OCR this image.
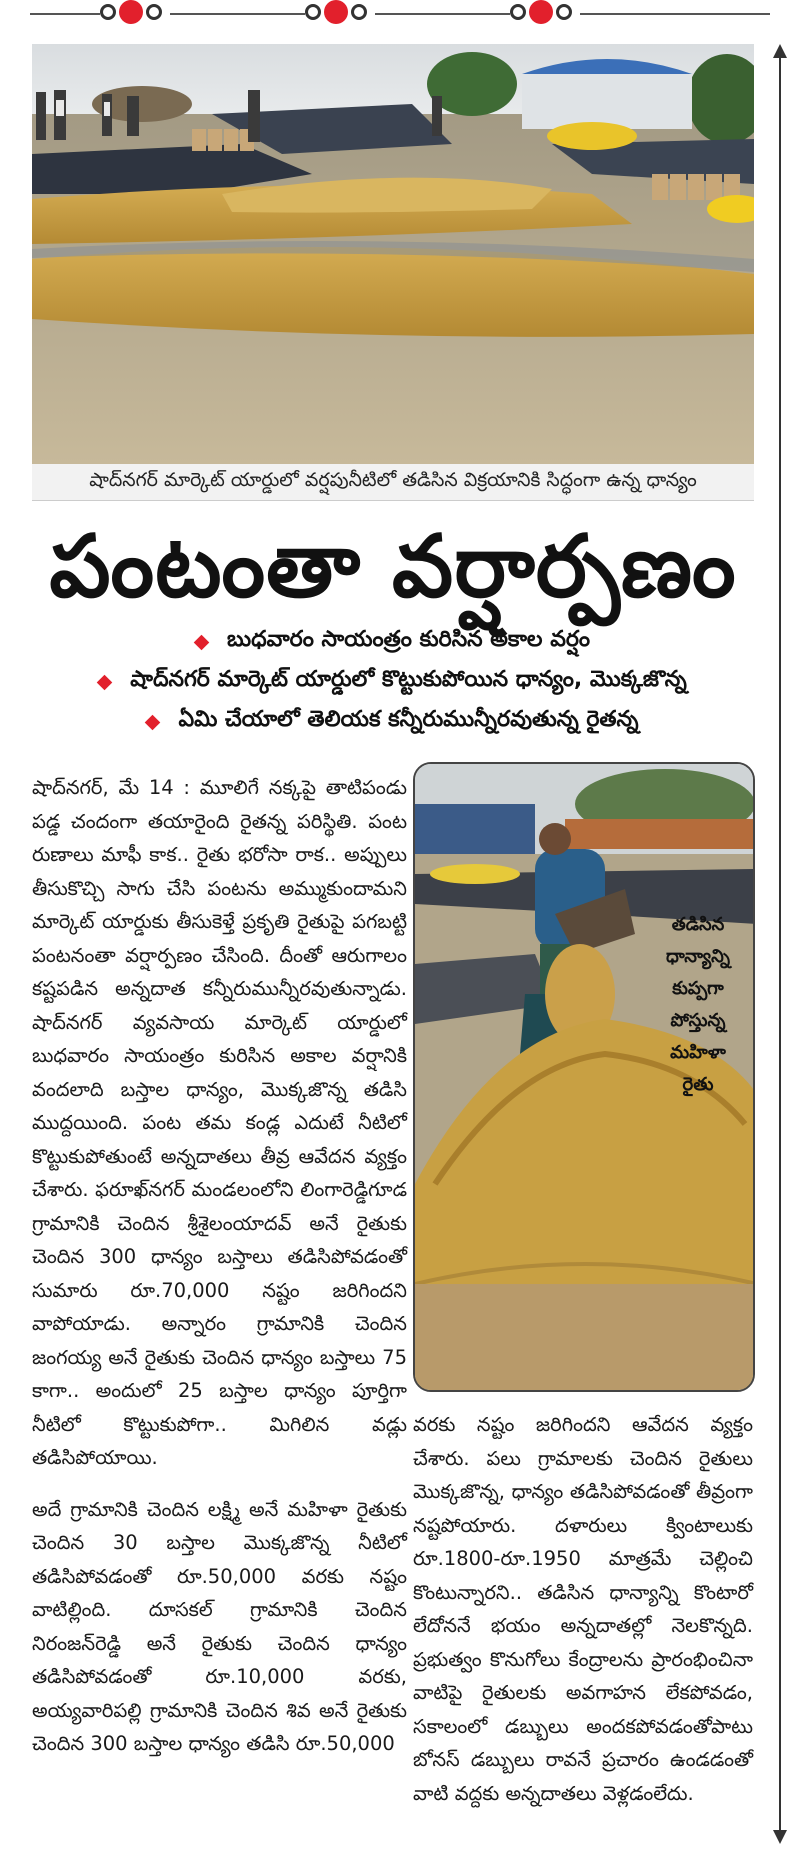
షాద్‌నగర్ మార్కెట్ యార్డులో వర్షపునీటిలో తడిసిన విక్రయానికి సిద్ధంగా ఉన్న ధాన్యం
పంటంతా వర్షార్పణం
బుధవారం సాయంత్రం కురిసిన అకాల వర్షం
షాద్‌నగర్ మార్కెట్ యార్డులో కొట్టుకుపోయిన ధాన్యం, మొక్కజొన్న
ఏమి చేయాలో తెలియక కన్నీరుమున్నీరవుతున్న రైతన్న

షాద్‌నగర్, మే 14 : మూలిగే నక్కపై తాటిపండు పడ్డ చందంగా తయారైంది రైతన్న పరిస్థితి. పంట రుణాలు మాఫీ కాక.. రైతు భరోసా రాక.. అప్పులు తీసుకొచ్చి సాగు చేసి పంటను అమ్ముకుందామని మార్కెట్ యార్డుకు తీసుకెళ్తే ప్రకృతి రైతుపై పగబట్టి పంటనంతా వర్షార్పణం చేసింది. దీంతో ఆరుగాలం కష్టపడిన అన్నదాత కన్నీరుమున్నీరవుతున్నాడు. షాద్‌నగర్ వ్యవసాయ మార్కెట్ యార్డులో బుధవారం సాయంత్రం కురిసిన అకాల వర్షానికి వందలాది బస్తాల ధాన్యం, మొక్కజొన్న తడిసి ముద్దయింది. పంట తమ కండ్ల ఎదుటే నీటిలో కొట్టుకుపోతుంటే అన్నదాతలు తీవ్ర ఆవేదన వ్యక్తం చేశారు. ఫరూఖ్‌నగర్ మండలంలోని లింగారెడ్డిగూడ గ్రామానికి చెందిన శ్రీశైలంయాదవ్ అనే రైతుకు చెందిన 300 ధాన్యం బస్తాలు తడిసిపోవడంతో సుమారు రూ.70,000 నష్టం జరిగిందని వాపోయాడు. అన్నారం గ్రామానికి చెందిన జంగయ్య అనే రైతుకు చెందిన ధాన్యం బస్తాలు 75 కాగా.. అందులో 25 బస్తాల ధాన్యం పూర్తిగా నీటిలో కొట్టుకుపోగా.. మిగిలిన వడ్లు తడిసిపోయాయి.

అదే గ్రామానికి చెందిన లక్ష్మి అనే మహిళా రైతుకు చెందిన 30 బస్తాల మొక్కజొన్న నీటిలో తడిసిపోవడంతో రూ.50,000 వరకు నష్టం వాటిల్లింది. దూసకల్ గ్రామానికి చెందిన నిరంజన్‌రెడ్డి అనే రైతుకు చెందిన ధాన్యం తడిసిపోవడంతో రూ.10,000 వరకు, అయ్యవారిపల్లి గ్రామానికి చెందిన శివ అనే రైతుకు చెందిన 300 బస్తాల ధాన్యం తడిసి రూ.50,000

తడిసిన ధాన్యాన్ని కుప్పగా పోస్తున్న మహిళా రైతు

వరకు నష్టం జరిగిందని ఆవేదన వ్యక్తం చేశారు. పలు గ్రామాలకు చెందిన రైతులు మొక్కజొన్న, ధాన్యం తడిసిపోవడంతో తీవ్రంగా నష్టపోయారు. దళారులు క్వింటాలుకు రూ.1800-రూ.1950 మాత్రమే చెల్లించి కొంటున్నారని.. తడిసిన ధాన్యాన్ని కొంటారో లేదోననే భయం అన్నదాతల్లో నెలకొన్నది. ప్రభుత్వం కొనుగోలు కేంద్రాలను ప్రారంభించినా వాటిపై రైతులకు అవగాహన లేకపోవడం, సకాలంలో డబ్బులు అందకపోవడంతోపాటు బోనస్ డబ్బులు రావనే ప్రచారం ఉండడంతో వాటి వద్దకు అన్నదాతలు వెళ్లడంలేదు.
